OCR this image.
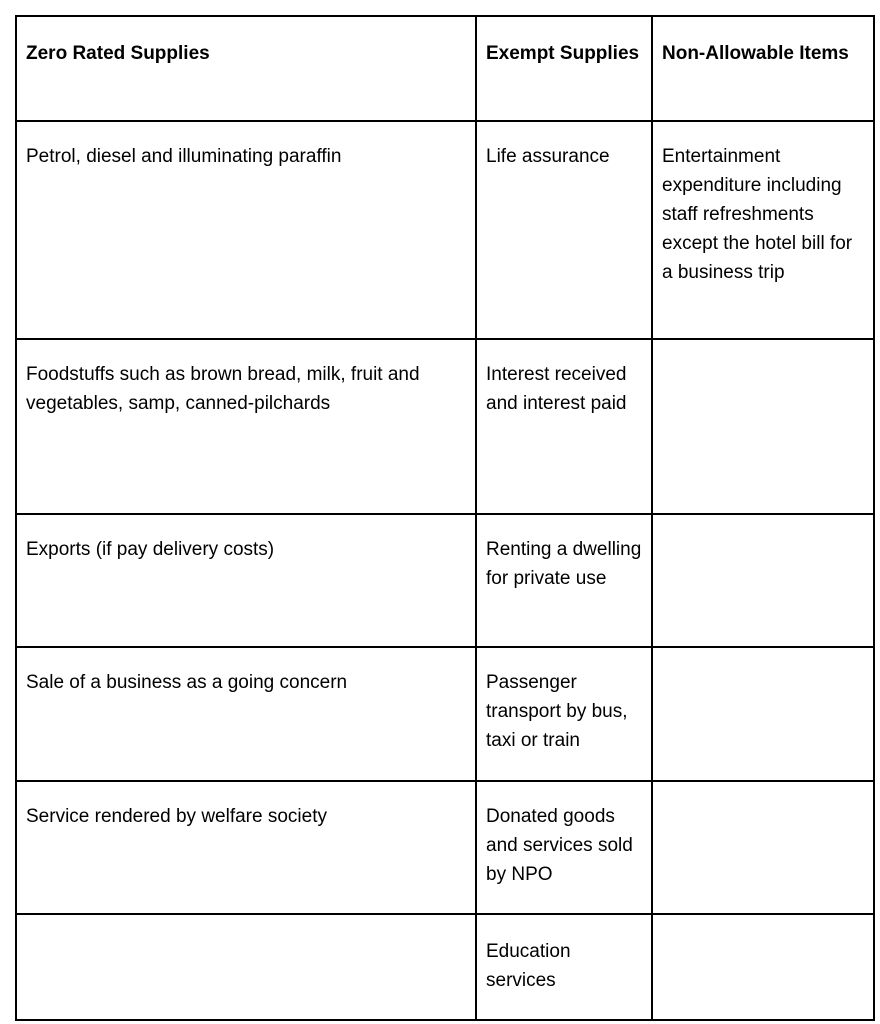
Zero Rated Supplies	Exempt Supplies	Non-Allowable Items
Petrol, diesel and illuminating paraffin	Life assurance	Entertainment expenditure including staff refreshments except the hotel bill for a business trip
Foodstuffs such as brown bread, milk, fruit and vegetables, samp, canned-pilchards	Interest received and interest paid	
Exports (if pay delivery costs)	Renting a dwelling for private use	
Sale of a business as a going concern	Passenger transport by bus, taxi or train	
Service rendered by welfare society	Donated goods and services sold by NPO	
	Education services	
